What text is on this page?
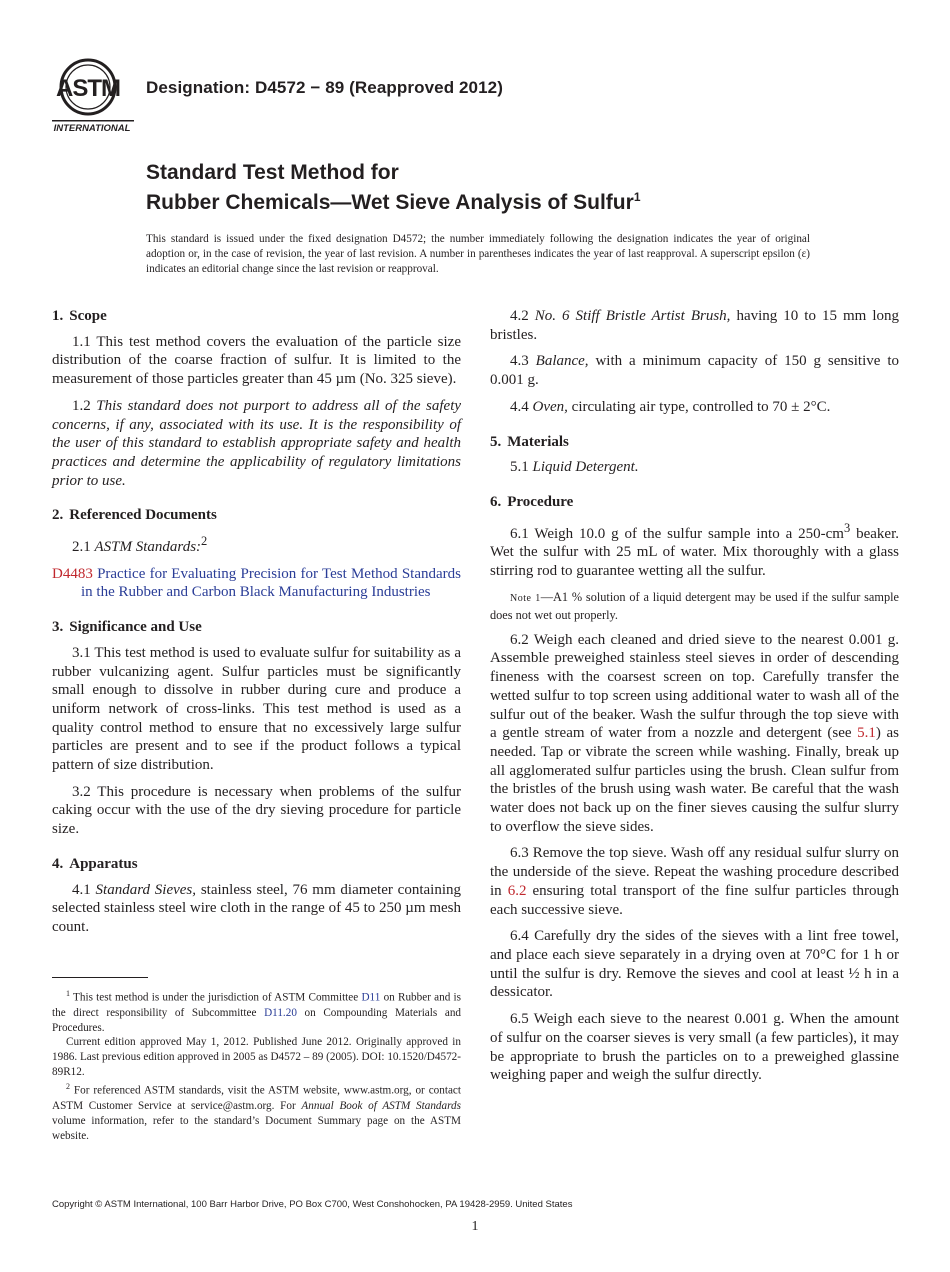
ASTM
INTERNATIONAL
Designation: D4572 − 89 (Reapproved 2012)
Standard Test Method for
Rubber Chemicals—Wet Sieve Analysis of Sulfur$^1$
This standard is issued under the fixed designation D4572; the number immediately following the designation indicates the year of original adoption or, in the case of revision, the year of last revision. A number in parentheses indicates the year of last reapproval. A superscript epsilon (ε) indicates an editorial change since the last revision or reapproval.
1. Scope

1.1 This test method covers the evaluation of the particle size distribution of the coarse fraction of sulfur. It is limited to the measurement of those particles greater than 45 µm (No. 325 sieve).

1.2 This standard does not purport to address all of the safety concerns, if any, associated with its use. It is the responsibility of the user of this standard to establish appropriate safety and health practices and determine the applicability of regulatory limitations prior to use.

2. Referenced Documents

2.1 ASTM Standards:$^2$

D4483 Practice for Evaluating Precision for Test Method Standards in the Rubber and Carbon Black Manufacturing Industries
3. Significance and Use

3.1 This test method is used to evaluate sulfur for suitability as a rubber vulcanizing agent. Sulfur particles must be significantly small enough to dissolve in rubber during cure and produce a uniform network of cross-links. This test method is used as a quality control method to ensure that no excessively large sulfur particles are present and to see if the product follows a typical pattern of size distribution.

3.2 This procedure is necessary when problems of the sulfur caking occur with the use of the dry sieving procedure for particle size.

4. Apparatus

4.1 Standard Sieves, stainless steel, 76 mm diameter containing selected stainless steel wire cloth in the range of 45 to 250 µm mesh count.

$^1$ This test method is under the jurisdiction of ASTM Committee D11 on Rubber and is the direct responsibility of Subcommittee D11.20 on Compounding Materials and Procedures.

Current edition approved May 1, 2012. Published June 2012. Originally approved in 1986. Last previous edition approved in 2005 as D4572 – 89 (2005). DOI: 10.1520/D4572-89R12.

$^2$ For referenced ASTM standards, visit the ASTM website, www.astm.org, or contact ASTM Customer Service at service@astm.org. For Annual Book of ASTM Standards volume information, refer to the standard’s Document Summary page on the ASTM website.

4.2 No. 6 Stiff Bristle Artist Brush, having 10 to 15 mm long bristles.

4.3 Balance, with a minimum capacity of 150 g sensitive to 0.001 g.

4.4 Oven, circulating air type, controlled to 70 ± 2°C.

5. Materials

5.1 Liquid Detergent.

6. Procedure

6.1 Weigh 10.0 g of the sulfur sample into a $250-cm^3$ beaker. Wet the sulfur with 25 mL of water. Mix thoroughly with a glass stirring rod to guarantee wetting all the sulfur.

Note 1—A1 % solution of a liquid detergent may be used if the sulfur sample does not wet out properly.

6.2 Weigh each cleaned and dried sieve to the nearest 0.001 g. Assemble preweighed stainless steel sieves in order of descending fineness with the coarsest screen on top. Carefully transfer the wetted sulfur to top screen using additional water to wash all of the sulfur out of the beaker. Wash the sulfur through the top sieve with a gentle stream of water from a nozzle and detergent (see 5.1) as needed. Tap or vibrate the screen while washing. Finally, break up all agglomerated sulfur particles using the brush. Clean sulfur from the bristles of the brush using wash water. Be careful that the wash water does not back up on the finer sieves causing the sulfur slurry to overflow the sieve sides.

6.3 Remove the top sieve. Wash off any residual sulfur slurry on the underside of the sieve. Repeat the washing procedure described in 6.2 ensuring total transport of the fine sulfur particles through each successive sieve.

6.4 Carefully dry the sides of the sieves with a lint free towel, and place each sieve separately in a drying oven at 70°C for 1 h or until the sulfur is dry. Remove the sieves and cool at least ½ h in a dessicator.

6.5 Weigh each sieve to the nearest 0.001 g. When the amount of sulfur on the coarser sieves is very small (a few particles), it may be appropriate to brush the particles on to a preweighed glassine weighing paper and weigh the sulfur directly.

Copyright © ASTM International, 100 Barr Harbor Drive, PO Box C700, West Conshohocken, PA 19428-2959. United States
1
